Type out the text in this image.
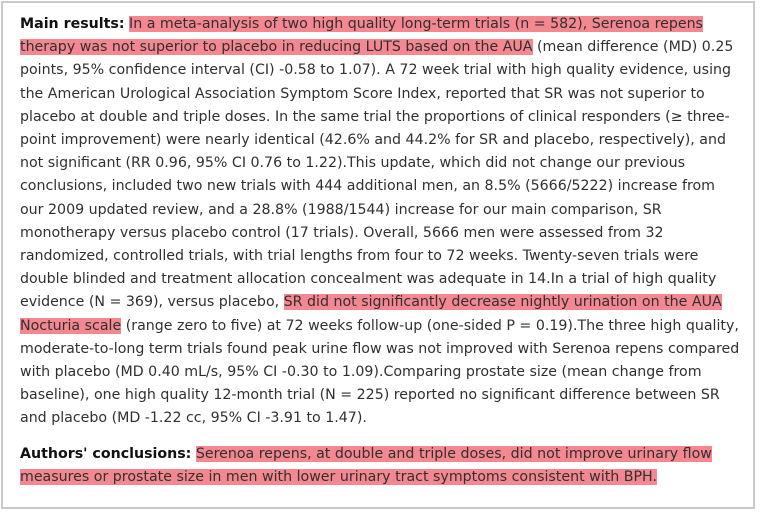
Main results: In a meta-analysis of two high quality long-term trials (n = 582), Serenoa repens therapy was not superior to placebo in reducing LUTS based on the AUA (mean difference (MD) 0.25 points, 95% confidence interval (CI) -0.58 to 1.07). A 72 week trial with high quality evidence, using the American Urological Association Symptom Score Index, reported that SR was not superior to placebo at double and triple doses. In the same trial the proportions of clinical responders (≥ three-point improvement) were nearly identical (42.6% and 44.2% for SR and placebo, respectively), and not significant (RR 0.96, 95% CI 0.76 to 1.22).This update, which did not change our previous conclusions, included two new trials with 444 additional men, an 8.5% (5666/5222) increase from our 2009 updated review, and a 28.8% (1988/1544) increase for our main comparison, SR monotherapy versus placebo control (17 trials). Overall, 5666 men were assessed from 32 randomized, controlled trials, with trial lengths from four to 72 weeks. Twenty-seven trials were double blinded and treatment allocation concealment was adequate in 14.In a trial of high quality evidence (N = 369), versus placebo, SR did not significantly decrease nightly urination on the AUA Nocturia scale (range zero to five) at 72 weeks follow-up (one-sided P = 0.19).The three high quality, moderate-to-long term trials found peak urine flow was not improved with Serenoa repens compared with placebo (MD 0.40 mL/s, 95% CI -0.30 to 1.09).Comparing prostate size (mean change from baseline), one high quality 12-month trial (N = 225) reported no significant difference between SR and placebo (MD -1.22 cc, 95% CI -3.91 to 1.47).

Authors' conclusions: Serenoa repens, at double and triple doses, did not improve urinary flow measures or prostate size in men with lower urinary tract symptoms consistent with BPH.
